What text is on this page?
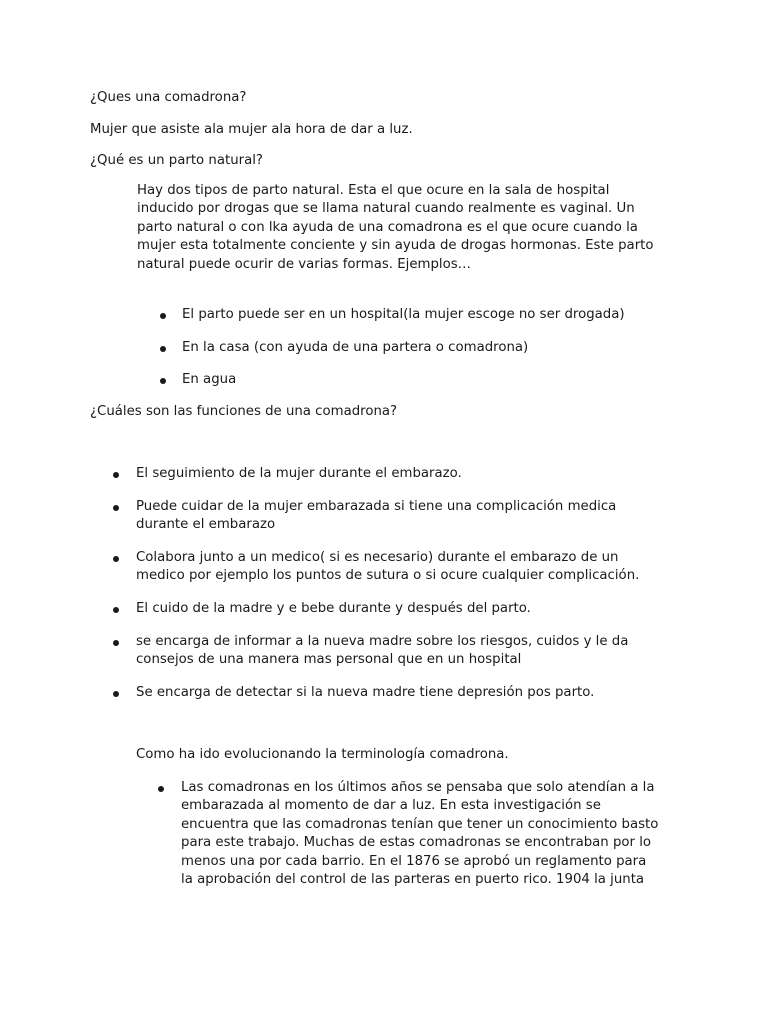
¿Ques una comadrona?
Mujer que asiste ala mujer ala hora de dar a luz.
¿Qué es un parto natural?
Hay dos tipos de parto natural. Esta el que ocure en la sala de hospital
inducido por drogas que se llama natural cuando realmente es vaginal. Un
parto natural o con lka ayuda de una comadrona es el que ocure cuando la
mujer esta totalmente conciente y sin ayuda de drogas hormonas. Este parto
natural puede ocurir de varias formas. Ejemplos…
El parto puede ser en un hospital(la mujer escoge no ser drogada)
En la casa (con ayuda de una partera o comadrona)
En agua
¿Cuáles son las funciones de una comadrona?
El seguimiento de la mujer durante el embarazo.
Puede cuidar de la mujer embarazada si tiene una complicación medica
durante el embarazo
Colabora junto a un medico( si es necesario) durante el embarazo de un
medico por ejemplo los puntos de sutura o si ocure cualquier complicación.
El cuido de la madre y e bebe durante y después del parto.
se encarga de informar a la nueva madre sobre los riesgos, cuidos y le da
consejos de una manera mas personal que en un hospital
Se encarga de detectar si la nueva madre tiene depresión pos parto.
Como ha ido evolucionando la terminología comadrona.
Las comadronas en los últimos años se pensaba que solo atendían a la
embarazada al momento de dar a luz. En esta investigación se
encuentra que las comadronas tenían que tener un conocimiento basto
para este trabajo. Muchas de estas comadronas se encontraban por lo
menos una por cada barrio. En el 1876 se aprobó un reglamento para
la aprobación del control de las parteras en puerto rico. 1904 la junta
